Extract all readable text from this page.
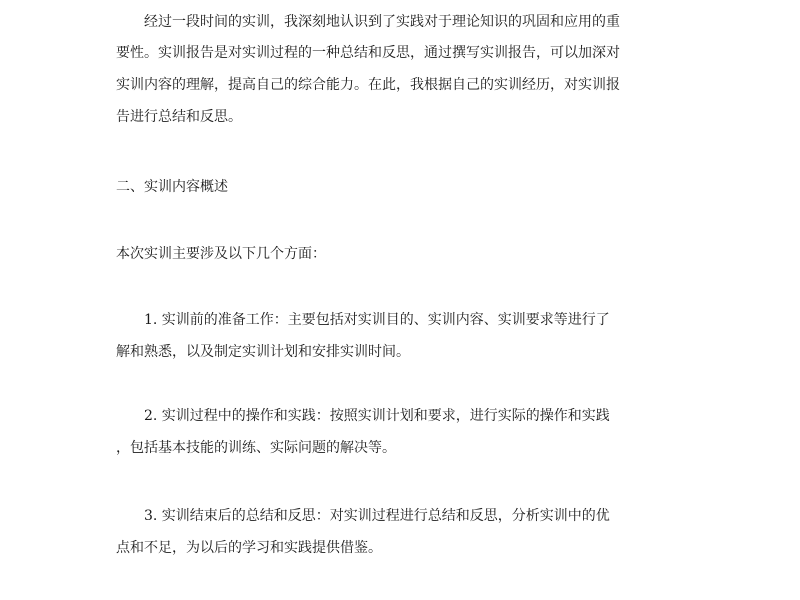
　　经过一段时间的实训，我深刻地认识到了实践对于理论知识的巩固和应用的重
要性。实训报告是对实训过程的一种总结和反思，通过撰写实训报告，可以加深对
实训内容的理解，提高自己的综合能力。在此，我根据自己的实训经历，对实训报
告进行总结和反思。
二、实训内容概述
本次实训主要涉及以下几个方面：
　　1. 实训前的准备工作：主要包括对实训目的、实训内容、实训要求等进行了
解和熟悉，以及制定实训计划和安排实训时间。
　　2. 实训过程中的操作和实践：按照实训计划和要求，进行实际的操作和实践
，包括基本技能的训练、实际问题的解决等。
　　3. 实训结束后的总结和反思：对实训过程进行总结和反思，分析实训中的优
点和不足，为以后的学习和实践提供借鉴。
